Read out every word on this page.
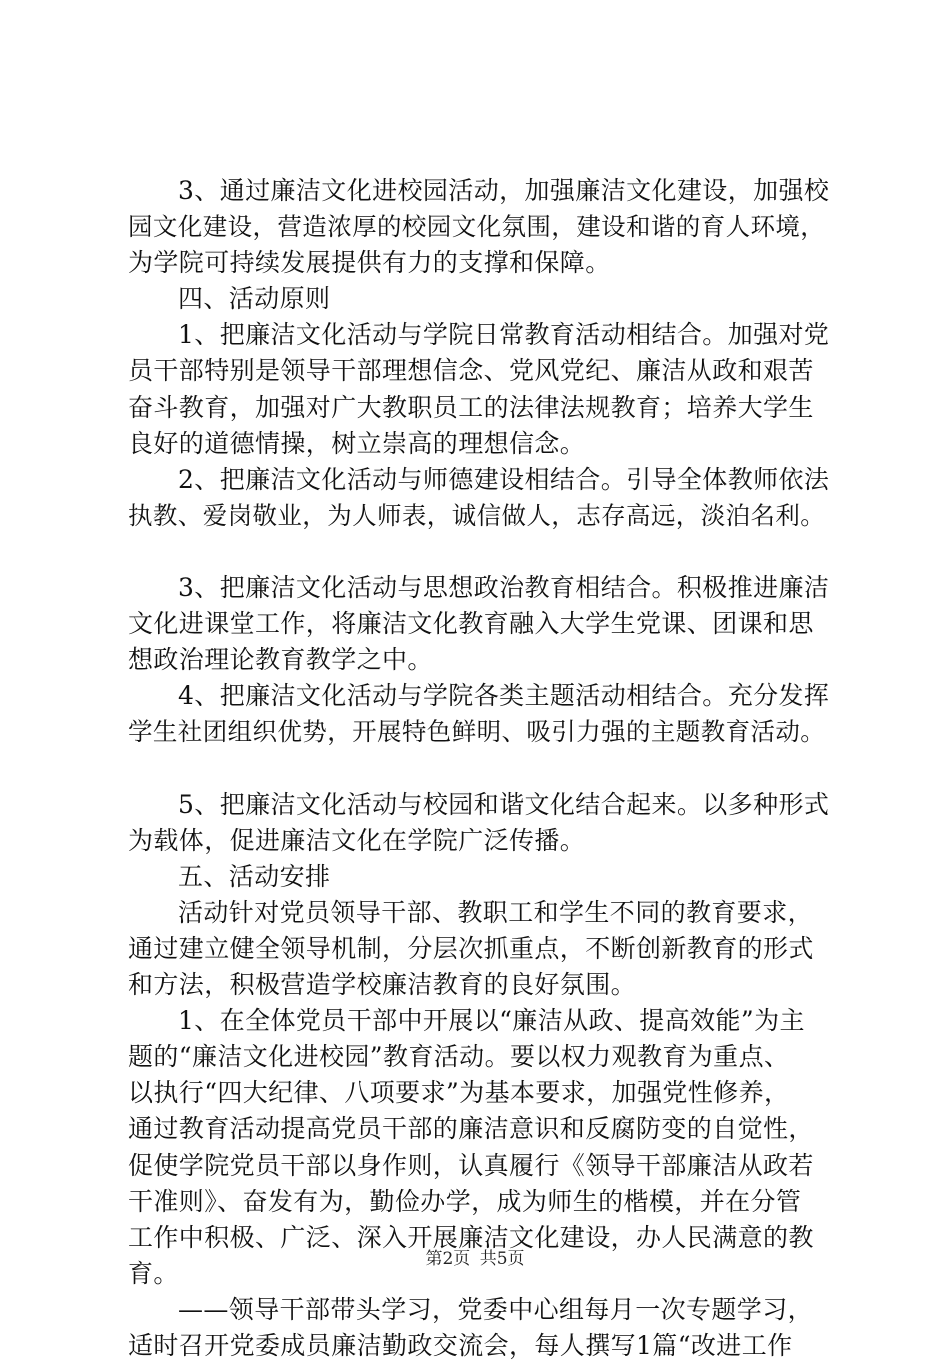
3、通过廉洁文化进校园活动，加强廉洁文化建设，加强校
园文化建设，营造浓厚的校园文化氛围，建设和谐的育人环境，
为学院可持续发展提供有力的支撑和保障。
四、活动原则
1、把廉洁文化活动与学院日常教育活动相结合。加强对党
员干部特别是领导干部理想信念、党风党纪、廉洁从政和艰苦
奋斗教育，加强对广大教职员工的法律法规教育；培养大学生
良好的道德情操，树立崇高的理想信念。
2、把廉洁文化活动与师德建设相结合。引导全体教师依法
执教、爱岗敬业，为人师表，诚信做人，志存高远，淡泊名利。
3、把廉洁文化活动与思想政治教育相结合。积极推进廉洁
文化进课堂工作，将廉洁文化教育融入大学生党课、团课和思
想政治理论教育教学之中。
4、把廉洁文化活动与学院各类主题活动相结合。充分发挥
学生社团组织优势，开展特色鲜明、吸引力强的主题教育活动。
5、把廉洁文化活动与校园和谐文化结合起来。以多种形式
为载体，促进廉洁文化在学院广泛传播。
五、活动安排
活动针对党员领导干部、教职工和学生不同的教育要求，
通过建立健全领导机制，分层次抓重点，不断创新教育的形式
和方法，积极营造学校廉洁教育的良好氛围。
1、在全体党员干部中开展以“廉洁从政、提高效能”为主
题的“廉洁文化进校园”教育活动。要以权力观教育为重点、
以执行“四大纪律、八项要求”为基本要求，加强党性修养，
通过教育活动提高党员干部的廉洁意识和反腐防变的自觉性，
促使学院党员干部以身作则，认真履行《领导干部廉洁从政若
干准则》、奋发有为，勤俭办学，成为师生的楷模，并在分管
工作中积极、广泛、深入开展廉洁文化建设，办人民满意的教
育。
——领导干部带头学习，党委中心组每月一次专题学习，
适时召开党委成员廉洁勤政交流会，每人撰写1篇“改进工作
第2页 共5页
